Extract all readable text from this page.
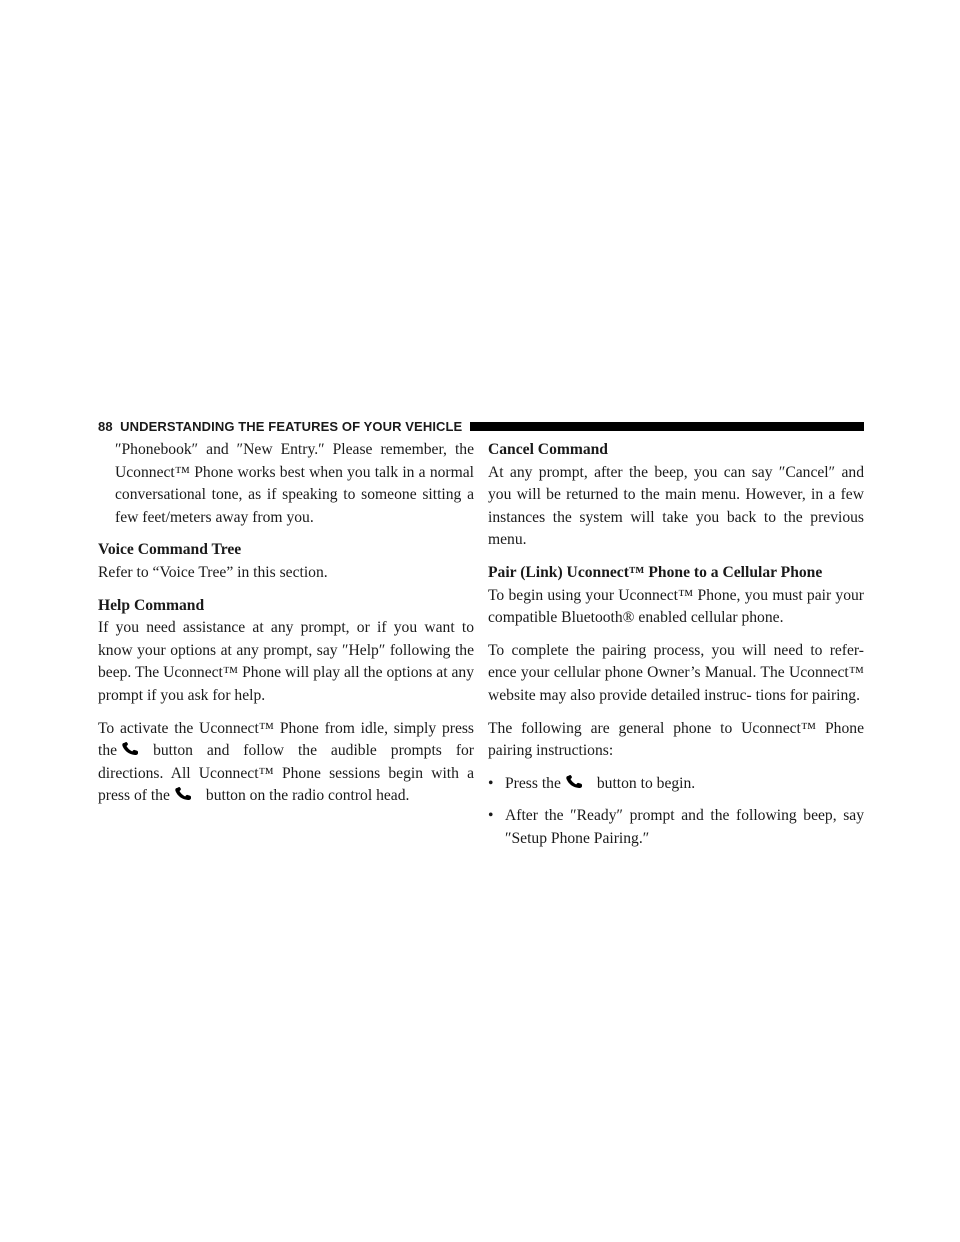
88 UNDERSTANDING THE FEATURES OF YOUR VEHICLE

″Phonebook″ and ″New Entry.″ Please remember, the Uconnect™ Phone works best when you talk in a normal conversational tone, as if speaking to someone sitting a few feet/meters away from you.

Voice Command Tree

Refer to “Voice Tree” in this section.

Help Command

If you need assistance at any prompt, or if you want to know your options at any prompt, say ″Help″ following the beep. The Uconnect™ Phone will play all the options at any prompt if you ask for help.

To activate the Uconnect™ Phone from idle, simply press the button and follow the audible prompts for directions. All Uconnect™ Phone sessions begin with a press of the button on the radio control head.

Cancel Command

At any prompt, after the beep, you can say ″Cancel″ and you will be returned to the main menu. However, in a few instances the system will take you back to the previous menu.

Pair (Link) Uconnect™ Phone to a Cellular Phone

To begin using your Uconnect™ Phone, you must pair your compatible Bluetooth® enabled cellular phone.

To complete the pairing process, you will need to refer- ence your cellular phone Owner’s Manual. The Uconnect™ website may also provide detailed instruc- tions for pairing.

The following are general phone to Uconnect™ Phone pairing instructions:

• Press the button to begin.
• After the ″Ready″ prompt and the following beep, say ″Setup Phone Pairing.″
